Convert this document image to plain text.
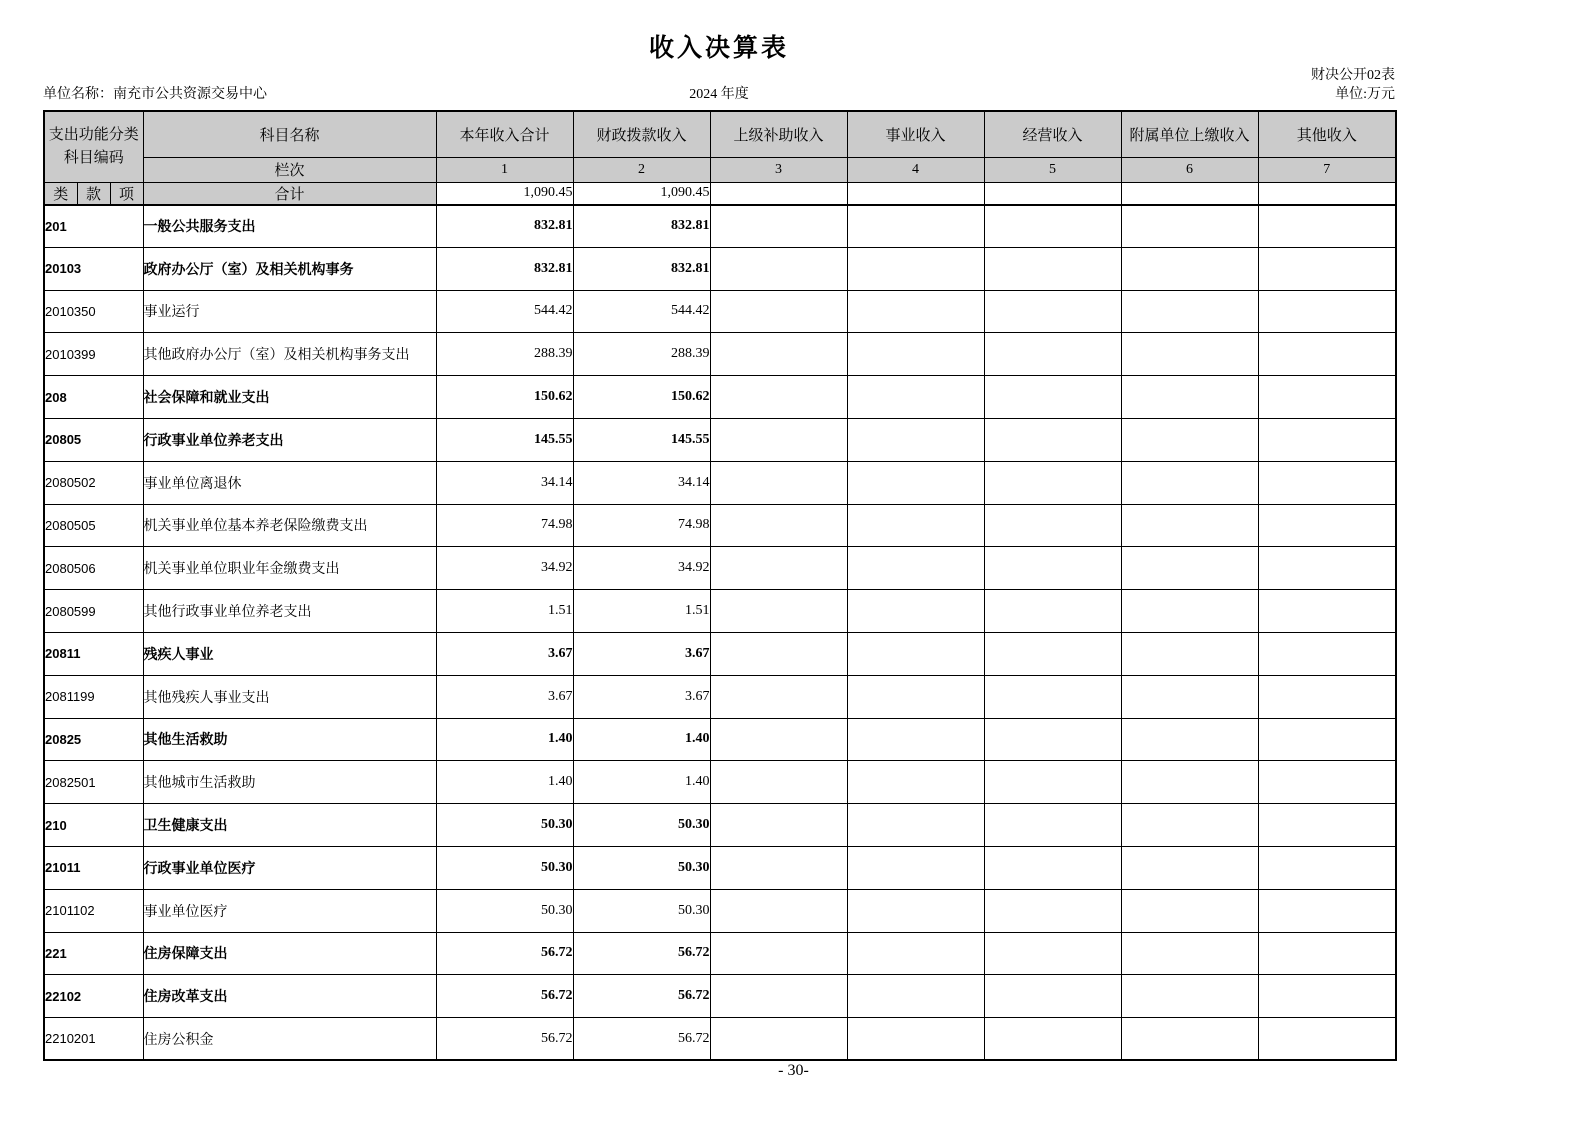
收入决算表
财决公开02表
单位名称：南充市公共资源交易中心	2024 年度	单位:万元
支出功能分类
科目编码			科目名称	本年收入合计	财政拨款收入	上级补助收入	事业收入	经营收入	附属单位上缴收入	其他收入
			栏次	1	2	3	4	5	6	7
类	款	项	合计	1,090.45	1,090.45					
201			一般公共服务支出	832.81	832.81					
20103			政府办公厅（室）及相关机构事务	832.81	832.81					
2010350			事业运行	544.42	544.42					
2010399			其他政府办公厅（室）及相关机构事务支出	288.39	288.39					
208			社会保障和就业支出	150.62	150.62					
20805			行政事业单位养老支出	145.55	145.55					
2080502			事业单位离退休	34.14	34.14					
2080505			机关事业单位基本养老保险缴费支出	74.98	74.98					
2080506			机关事业单位职业年金缴费支出	34.92	34.92					
2080599			其他行政事业单位养老支出	1.51	1.51					
20811			残疾人事业	3.67	3.67					
2081199			其他残疾人事业支出	3.67	3.67					
20825			其他生活救助	1.40	1.40					
2082501			其他城市生活救助	1.40	1.40					
210			卫生健康支出	50.30	50.30					
21011			行政事业单位医疗	50.30	50.30					
2101102			事业单位医疗	50.30	50.30					
221			住房保障支出	56.72	56.72					
22102			住房改革支出	56.72	56.72					
2210201			住房公积金	56.72	56.72					
- 30-
